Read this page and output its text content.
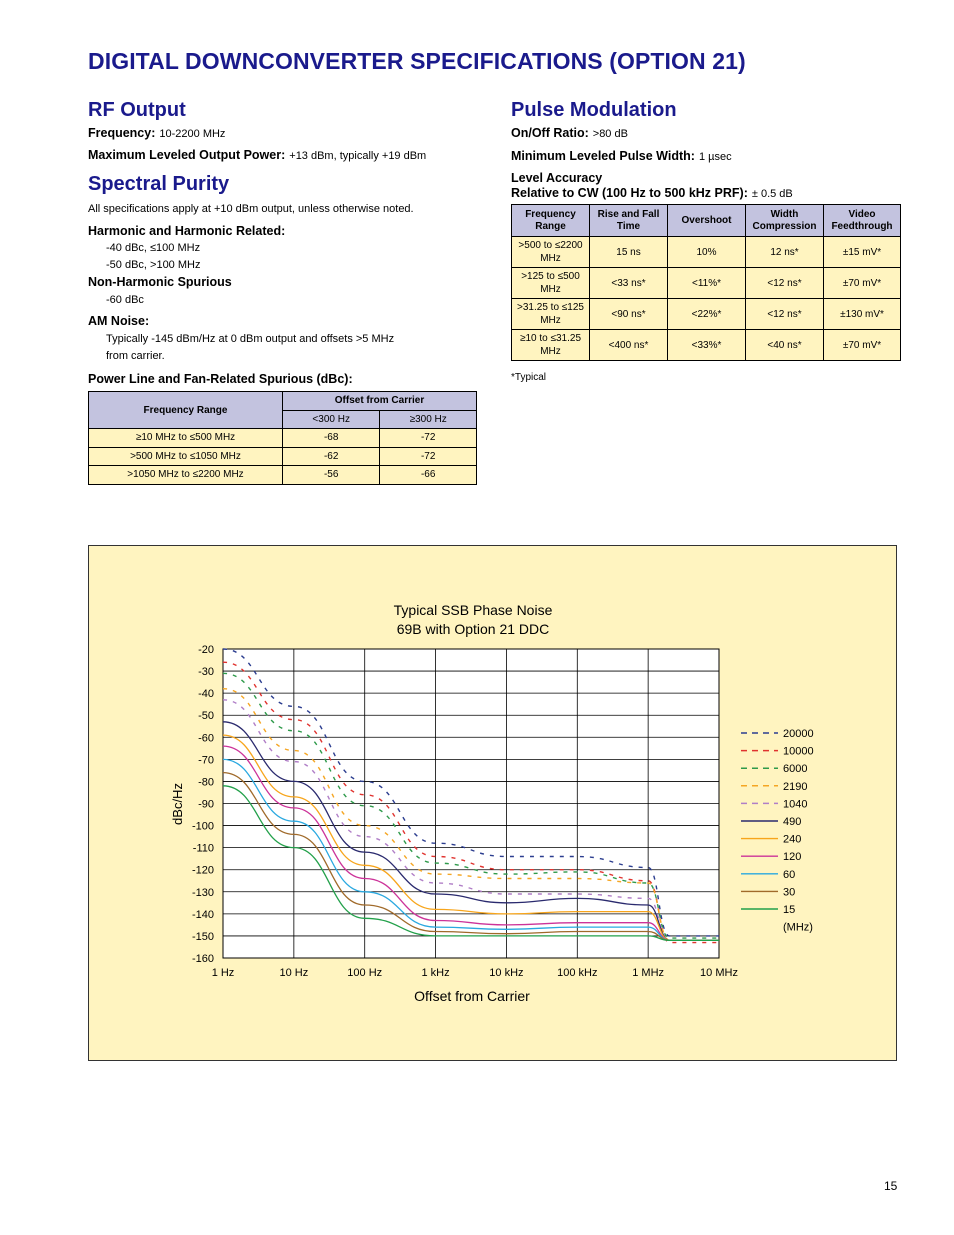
DIGITAL DOWNCONVERTER SPECIFICATIONS (OPTION 21)
RF Output
Frequency: 10-2200 MHz
Maximum Leveled Output Power: +13 dBm, typically +19 dBm
Spectral Purity
All specifications apply at +10 dBm output, unless otherwise noted.
Harmonic and Harmonic Related:
-40 dBc, ≤100 MHz
-50 dBc, >100 MHz
Non-Harmonic Spurious
-60 dBc
AM Noise:
Typically -145 dBm/Hz at 0 dBm output and offsets >5 MHz
from carrier.
Power Line and Fan-Related Spurious (dBc):
Frequency Range	Offset from Carrier	
	<300 Hz	≥300 Hz
≥10 MHz to ≤500 MHz	-68	-72
>500 MHz to ≤1050 MHz	-62	-72
>1050 MHz to ≤2200 MHz	-56	-66
Pulse Modulation
On/Off Ratio: >80 dB
Minimum Leveled Pulse Width: 1 µsec
Level Accuracy
Relative to CW (100 Hz to 500 kHz PRF): ± 0.5 dB
Frequency Range	Rise and Fall Time	Overshoot	Width Compression	Video Feedthrough
>500 to ≤2200 MHz	15 ns	10%	12 ns*	±15 mV*
>125 to ≤500 MHz	<33 ns*	<11%*	<12 ns*	±70 mV*
>31.25 to ≤125 MHz	<90 ns*	<22%*	<12 ns*	±130 mV*
≥10 to ≤31.25 MHz	<400 ns*	<33%*	<40 ns*	±70 mV*
*Typical
Typical SSB Phase Noise
69B with Option 21 DDC
Offset from Carrier
dBc/Hz
-20
-30
-40
-50
-60
-70
-80
-90
-100
-110
-120
-130
-140
-150
-160
1 Hz	10 Hz	100 Hz	1 kHz	10 kHz	100 kHz	1 MHz	10 MHz
20000
10000
6000
2190
1040
490
240
120
60
30
15
(MHz)
15
